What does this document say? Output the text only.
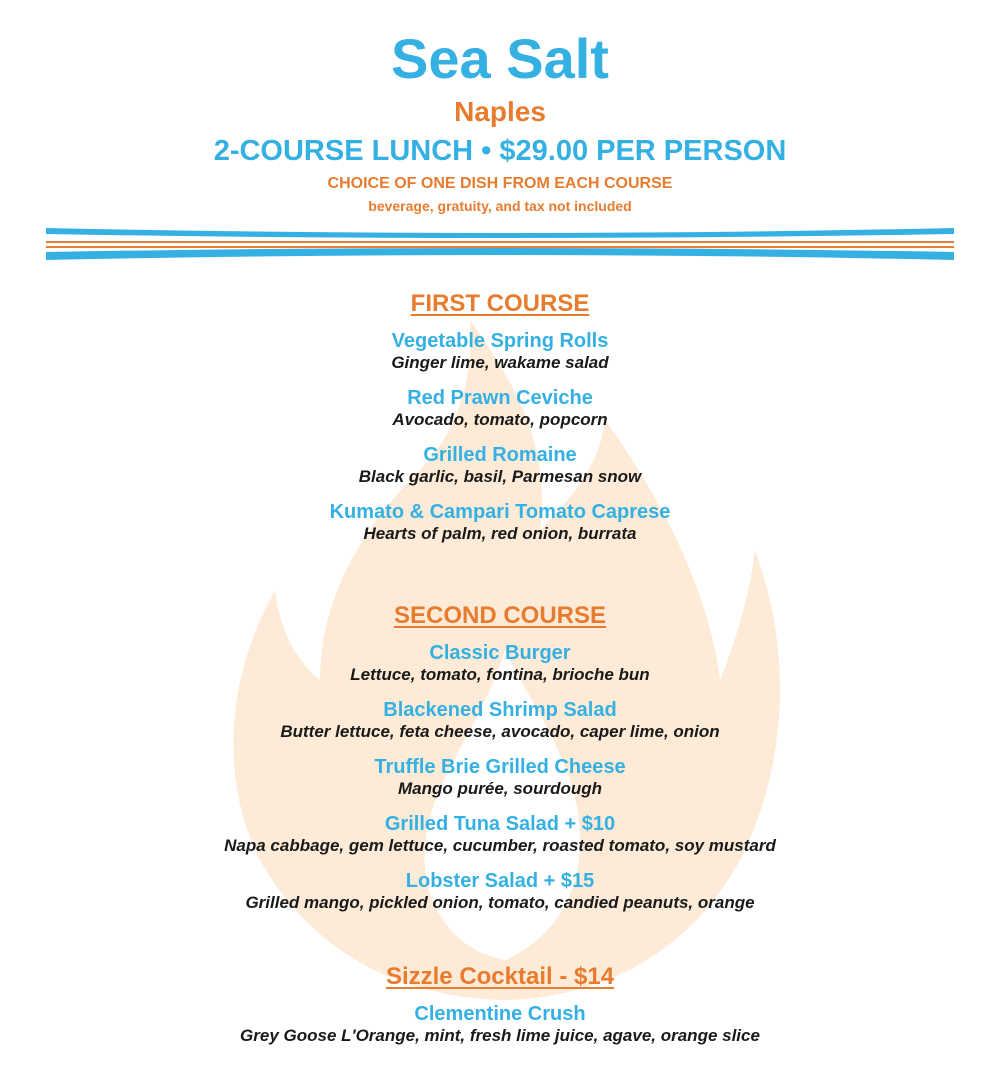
Sea Salt
Naples
2-COURSE LUNCH • $29.00 PER PERSON
CHOICE OF ONE DISH FROM EACH COURSE
beverage, gratuity, and tax not included
FIRST COURSE
Vegetable Spring Rolls
Ginger lime, wakame salad
Red Prawn Ceviche
Avocado, tomato, popcorn
Grilled Romaine
Black garlic, basil, Parmesan snow
Kumato & Campari Tomato Caprese
Hearts of palm, red onion, burrata
SECOND COURSE
Classic Burger
Lettuce, tomato, fontina, brioche bun
Blackened Shrimp Salad
Butter lettuce, feta cheese, avocado, caper lime, onion
Truffle Brie Grilled Cheese
Mango purée, sourdough
Grilled Tuna Salad + $10
Napa cabbage, gem lettuce, cucumber, roasted tomato, soy mustard
Lobster Salad + $15
Grilled mango, pickled onion, tomato, candied peanuts, orange
Sizzle Cocktail - $14
Clementine Crush
Grey Goose L'Orange, mint, fresh lime juice, agave, orange slice
